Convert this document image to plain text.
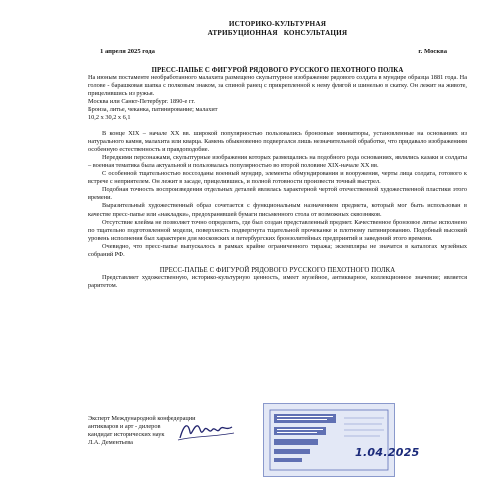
ИСТОРИКО-КУЛЬТУРНАЯ
АТРИБУЦИОННАЯ   КОНСУЛЬТАЦИЯ
1 апреля 2025 года	г. Москва
ПРЕСС-ПАПЬЕ С ФИГУРОЙ РЯДОВОГО РУССКОГО ПЕХОТНОГО ПОЛКА

На июным постаменте необработанного малахита размещено скульптурное изображение рядового солдата в мундире образца 1881 года. На голове - барашковая шапка с полковым знаком, за спиной ранец с прикрепленной к нему флягой и шинелью в скатку. Он лежит на животе, прицелившись из ружья.

Москва или Санкт-Петербург. 1890-е гг.

Бронза, литье, чеканка, патинирование; малахит

10,2 х 30,2 х 6,1

В конце XIX – начале XX вв. широкой популярностью пользовались бронзовые миниатюры, установленные на основаниях из натурального камня, малахита или кварца. Камень обыкновенно подвергался лишь незначительной обработке, что придавало изображениям особенную естественность и правдоподобие.

Нередкими персонажами, скульптурные изображения которых размещались на подобного рода основаниях, являлись казаки и солдаты – военная тематика была актуальной и пользовалась популярностью во второй половине XIX-начале XX вв.

С особенной тщательностью воссозданы военный мундир, элементы обмундирования и вооружения, черты лица солдата, готового к встрече с неприятелем. Он лежит в засаде, прицелившись, и полной готовности произвести точный выстрел.

Подобная точность воспроизведения отдельных деталей являлась характерной чертой отечественной художественной пластики этого времени.

Выразительный художественный образ сочетается с функциональным назначением предмета, который мог быть использован в качестве пресс-папье или «накладки», предохранявшей бумаги письменного стола от возможных сквозняков.

Отсутствие клейма не позволяет точно определить, где был создан представленный предмет. Качественное бронзовое литье исполнено по тщательно подготовленной модели, поверхность подвергнута тщательной прочеканке и плотному патинированию. Подобный высокий уровень исполнения был характерен для московских и петербургских бронзолитейных предприятий и заведений этого времени.

Очевидно, что пресс-папье выпускалось в рамках крайне ограниченного тиража; экземпляры не значатся в каталогах музейных собраний РФ.

ПРЕСС-ПАПЬЕ С ФИГУРОЙ РЯДОВОГО РУССКОГО ПЕХОТНОГО ПОЛКА

Представляет художественную, историко-культурную ценность, имеет музейное, антикварное, коллекционное значение; является раритетом.

Эксперт Международной конфедерации
антикваров и арт - дилеров
кандидат исторических наук
Л.А. Дементьева
1.04.2025
